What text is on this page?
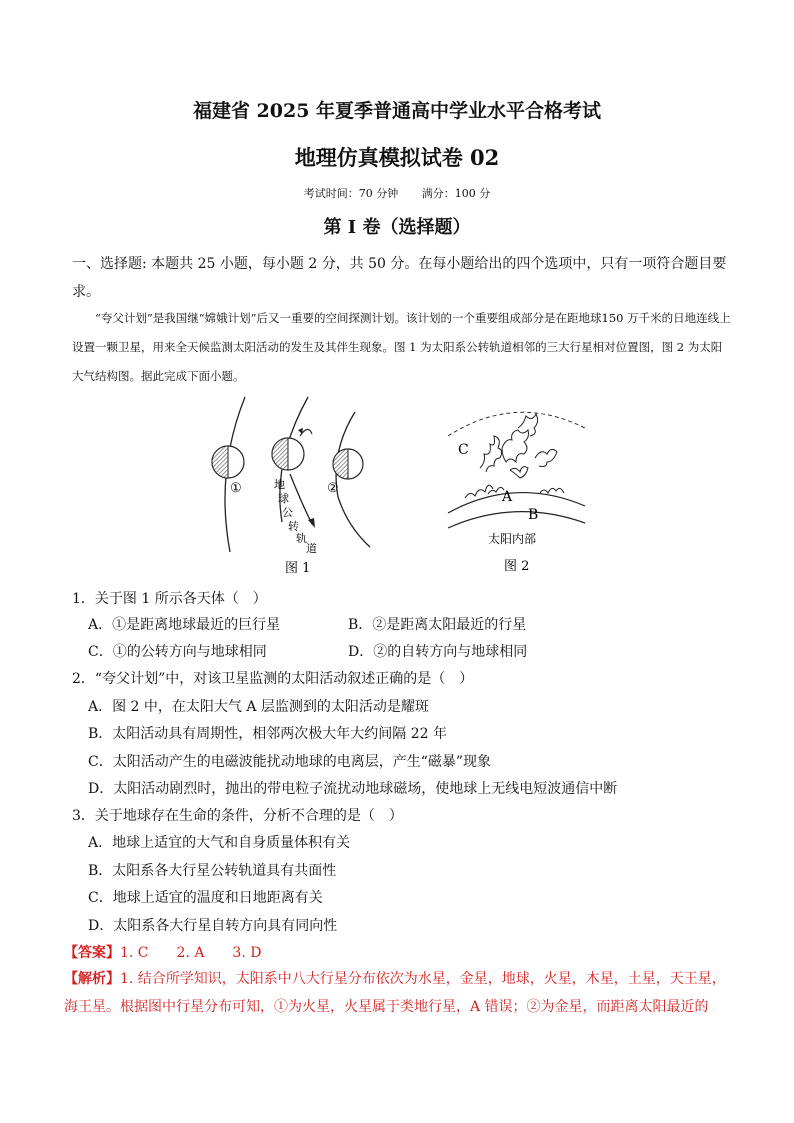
福建省 2025 年夏季普通高中学业水平合格考试
地理仿真模拟试卷 02
考试时间：70 分钟 满分：100 分
第 I 卷（选择题）
一、选择题: 本题共 25 小题，每小题 2 分，共 50 分。在每小题给出的四个选项中，只有一项符合题目要求。
“夸父计划”是我国继“嫦娥计划”后又一重要的空间探测计划。该计划的一个重要组成部分是在距地球150 万千米的日地连线上设置一颗卫星，用来全天候监测太阳活动的发生及其伴生现象。图 1 为太阳系公转轨道相邻的三大行星相对位置图，图 2 为太阳大气结构图。据此完成下面小题。
①	②
地
球
公
转
轨
道
图 1
C
A
B
太阳内部
图 2
1．关于图 1 所示各天体（　）
A．①是距离地球最近的巨行星	B．②是距离太阳最近的行星
C．①的公转方向与地球相同	D．②的自转方向与地球相同
2．“夸父计划”中，对该卫星监测的太阳活动叙述正确的是（　）
A．图 2 中，在太阳大气 A 层监测到的太阳活动是耀斑
B．太阳活动具有周期性，相邻两次极大年大约间隔 22 年
C．太阳活动产生的电磁波能扰动地球的电离层，产生“磁暴”现象
D．太阳活动剧烈时，抛出的带电粒子流扰动地球磁场，使地球上无线电短波通信中断
3．关于地球存在生命的条件，分析不合理的是（　）
A．地球上适宜的大气和自身质量体积有关
B．太阳系各大行星公转轨道具有共面性
C．地球上适宜的温度和日地距离有关
D．太阳系各大行星自转方向具有同向性
【答案】1. C　　2. A　　3. D
【解析】1. 结合所学知识，太阳系中八大行星分布依次为水星，金星，地球，火星，木星，土星，天王星，海王星。根据图中行星分布可知，①为火星，火星属于类地行星，A 错误；②为金星，而距离太阳最近的
